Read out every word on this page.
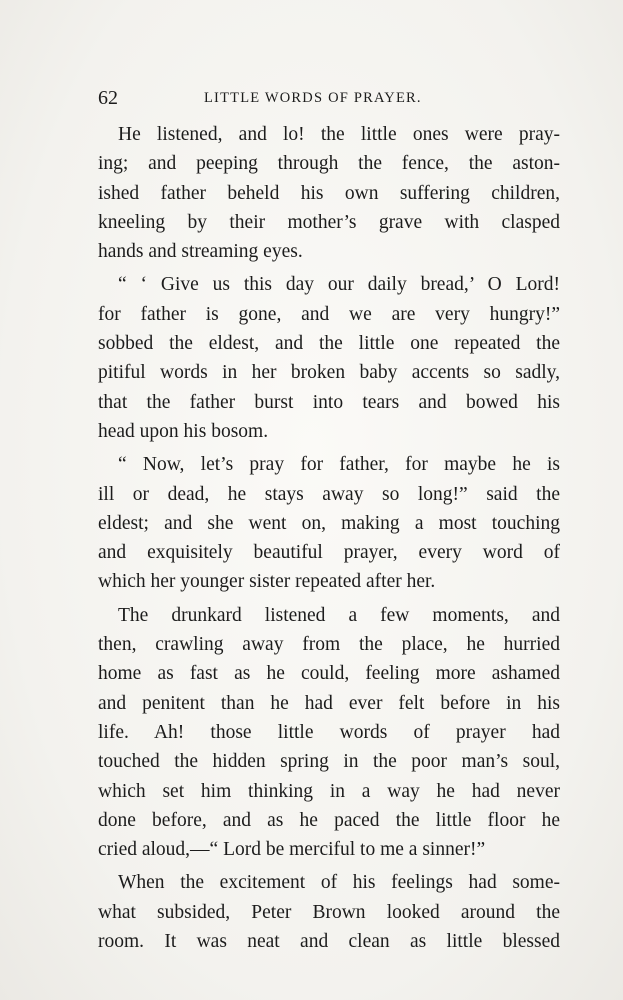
62	LITTLE WORDS OF PRAYER.
He listened, and lo! the little ones were pray-
ing; and peeping through the fence, the aston-
ished father beheld his own suffering children,
kneeling by their mother’s grave with clasped
hands and streaming eyes.
“ ‘ Give us this day our daily bread,’ O Lord!
for father is gone, and we are very hungry!”
sobbed the eldest, and the little one repeated the
pitiful words in her broken baby accents so sadly,
that the father burst into tears and bowed his
head upon his bosom.
“ Now, let’s pray for father, for maybe he is
ill or dead, he stays away so long!” said the
eldest; and she went on, making a most touching
and exquisitely beautiful prayer, every word of
which her younger sister repeated after her.
The drunkard listened a few moments, and
then, crawling away from the place, he hurried
home as fast as he could, feeling more ashamed
and penitent than he had ever felt before in his
life. Ah! those little words of prayer had
touched the hidden spring in the poor man’s soul,
which set him thinking in a way he had never
done before, and as he paced the little floor he
cried aloud,—“ Lord be merciful to me a sinner!”
When the excitement of his feelings had some-
what subsided, Peter Brown looked around the
room. It was neat and clean as little blessed
